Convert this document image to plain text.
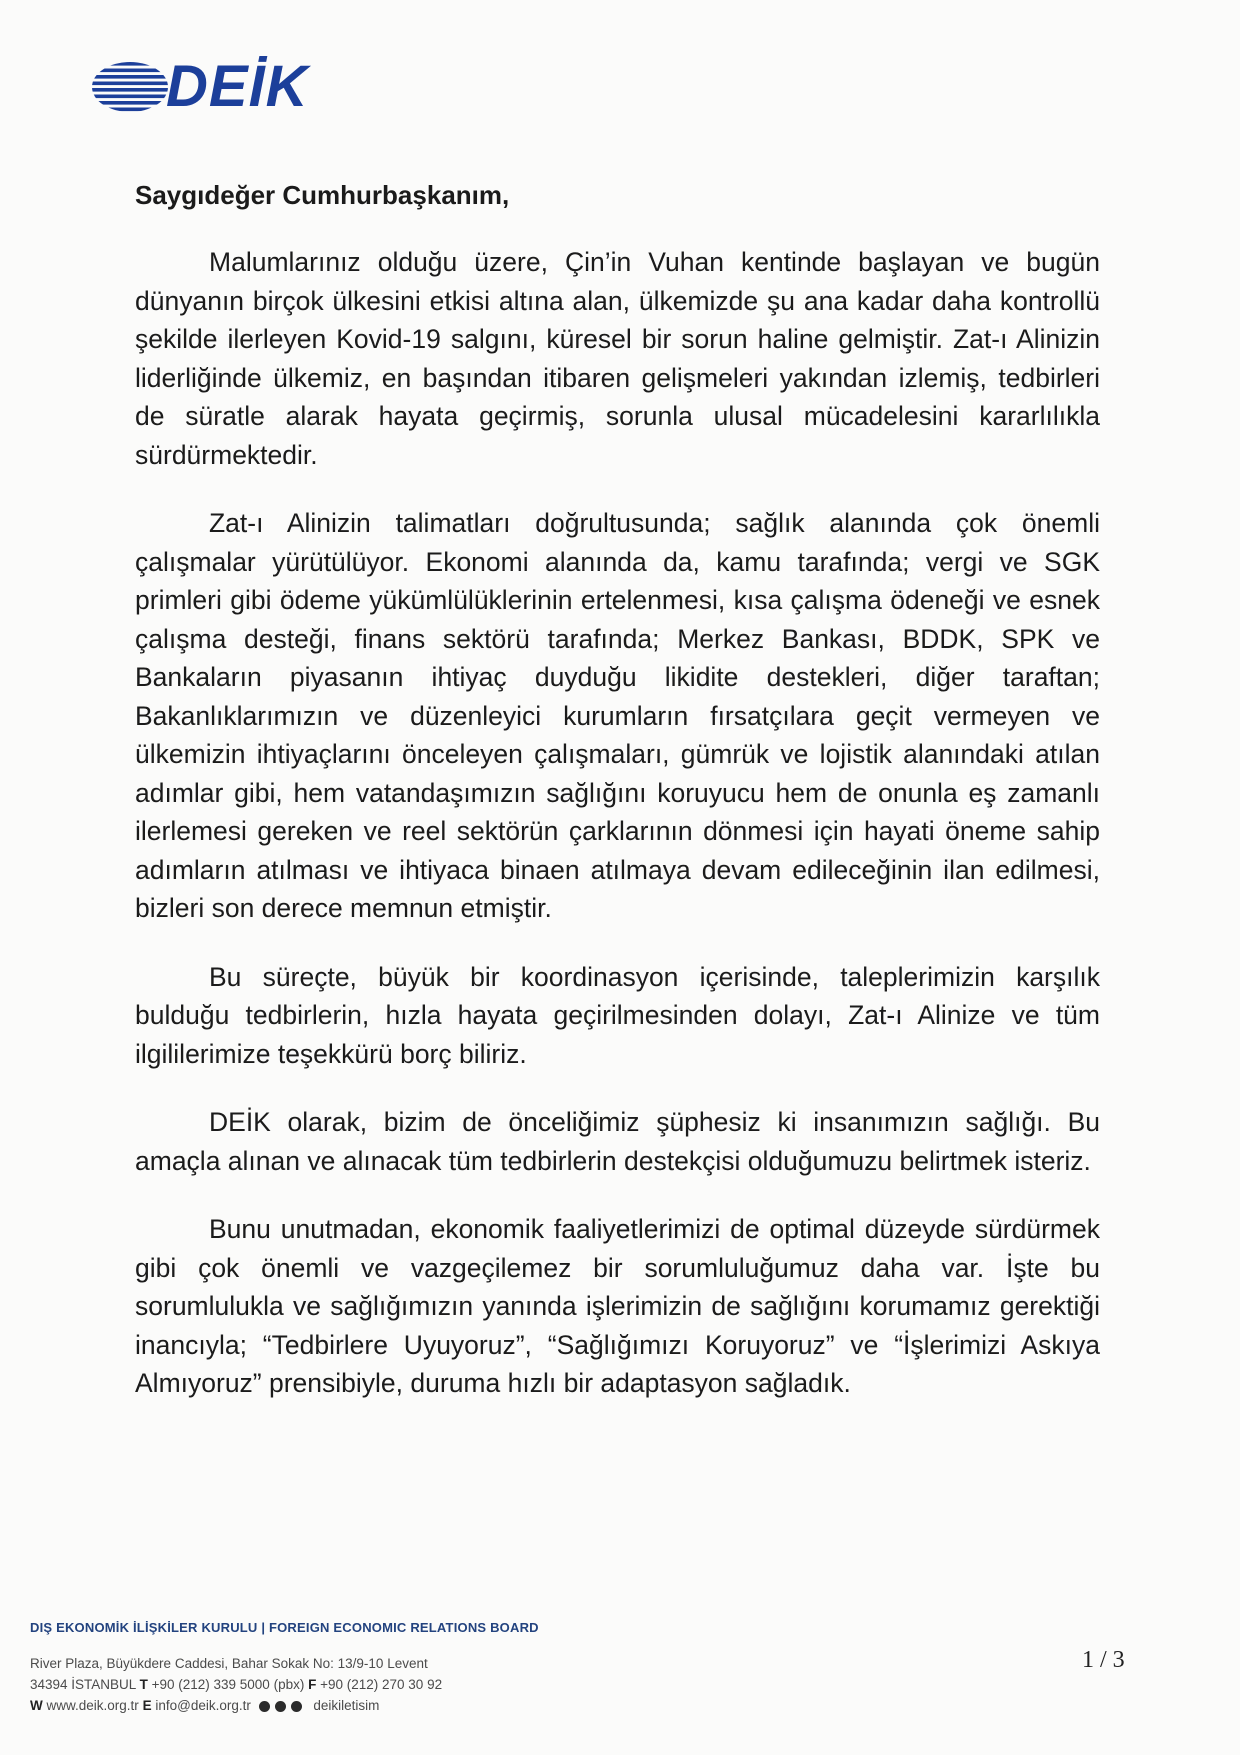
DEİK

Saygıdeğer Cumhurbaşkanım,

Malumlarınız olduğu üzere, Çin’in Vuhan kentinde başlayan ve bugün dünyanın birçok ülkesini etkisi altına alan, ülkemizde şu ana kadar daha kontrollü şekilde ilerleyen Kovid-19 salgını, küresel bir sorun haline gelmiştir. Zat-ı Alinizin liderliğinde ülkemiz, en başından itibaren gelişmeleri yakından izlemiş, tedbirleri de süratle alarak hayata geçirmiş, sorunla ulusal mücadelesini kararlılıkla sürdürmektedir.

Zat-ı Alinizin talimatları doğrultusunda; sağlık alanında çok önemli çalışmalar yürütülüyor. Ekonomi alanında da, kamu tarafında; vergi ve SGK primleri gibi ödeme yükümlülüklerinin ertelenmesi, kısa çalışma ödeneği ve esnek çalışma desteği, finans sektörü tarafında; Merkez Bankası, BDDK, SPK ve Bankaların piyasanın ihtiyaç duyduğu likidite destekleri, diğer taraftan; Bakanlıklarımızın ve düzenleyici kurumların fırsatçılara geçit vermeyen ve ülkemizin ihtiyaçlarını önceleyen çalışmaları, gümrük ve lojistik alanındaki atılan adımlar gibi, hem vatandaşımızın sağlığını koruyucu hem de onunla eş zamanlı ilerlemesi gereken ve reel sektörün çarklarının dönmesi için hayati öneme sahip adımların atılması ve ihtiyaca binaen atılmaya devam edileceğinin ilan edilmesi, bizleri son derece memnun etmiştir.

Bu süreçte, büyük bir koordinasyon içerisinde, taleplerimizin karşılık bulduğu tedbirlerin, hızla hayata geçirilmesinden dolayı, Zat-ı Alinize ve tüm ilgililerimize teşekkürü borç biliriz.

DEİK olarak, bizim de önceliğimiz şüphesiz ki insanımızın sağlığı. Bu amaçla alınan ve alınacak tüm tedbirlerin destekçisi olduğumuzu belirtmek isteriz.

Bunu unutmadan, ekonomik faaliyetlerimizi de optimal düzeyde sürdürmek gibi çok önemli ve vazgeçilemez bir sorumluluğumuz daha var. İşte bu sorumlulukla ve sağlığımızın yanında işlerimizin de sağlığını korumamız gerektiği inancıyla; “Tedbirlere Uyuyoruz”, “Sağlığımızı Koruyoruz” ve “İşlerimizi Askıya Almıyoruz” prensibiyle, duruma hızlı bir adaptasyon sağladık.

DIŞ EKONOMİK İLİŞKİLER KURULU | FOREIGN ECONOMIC RELATIONS BOARD
River Plaza, Büyükdere Caddesi, Bahar Sokak No: 13/9-10 Levent
34394 İSTANBUL T +90 (212) 339 5000 (pbx) F +90 (212) 270 30 92
W www.deik.org.tr E info@deik.org.tr	deikiletisim
1 / 3
